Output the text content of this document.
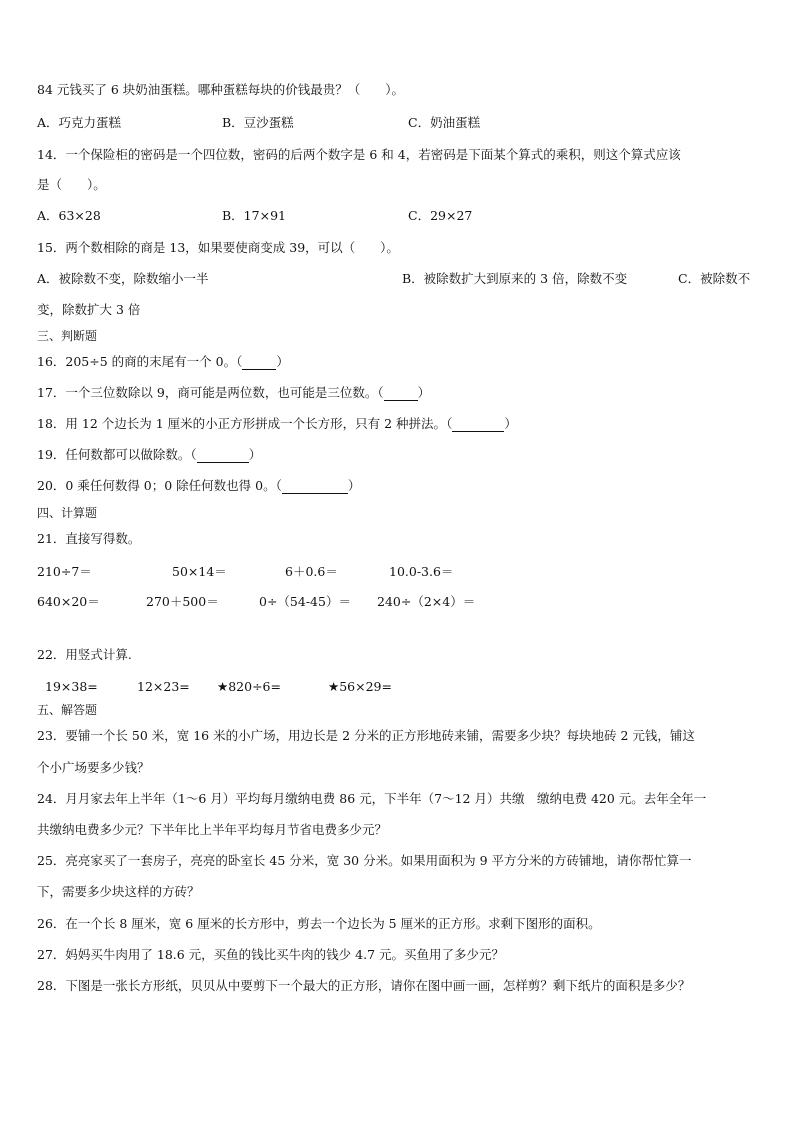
84 元钱买了 6 块奶油蛋糕。哪种蛋糕每块的价钱最贵？（　　）。
A．巧克力蛋糕	B．豆沙蛋糕	C．奶油蛋糕
14．一个保险柜的密码是一个四位数，密码的后两个数字是 6 和 4，若密码是下面某个算式的乘积，则这个算式应该
是（　　）。
A．63×28	B．17×91	C．29×27
15．两个数相除的商是 13，如果要使商变成 39，可以（　　）。
A．被除数不变，除数缩小一半	B．被除数扩大到原来的 3 倍，除数不变	C．被除数不
变，除数扩大 3 倍
三、判断题
16．205÷5 的商的末尾有一个 0。（	）
17．一个三位数除以 9，商可能是两位数，也可能是三位数。（	）
18．用 12 个边长为 1 厘米的小正方形拼成一个长方形，只有 2 种拼法。（	）
19．任何数都可以做除数。（	）
20．0 乘任何数得 0；0 除任何数也得 0。（	）
四、计算题
21．直接写得数。
210÷7＝	50×14＝	6＋0.6＝	10.0-3.6＝
640×20＝	270＋500＝	0÷（54-45）＝ 240÷（2×4）＝
22．用竖式计算.
19×38=	12×23= ★820÷6=	★56×29=
五、解答题
23．要铺一个长 50 米，宽 16 米的小广场，用边长是 2 分米的正方形地砖来铺，需要多少块？每块地砖 2 元钱，铺这
个小广场要多少钱？
24．月月家去年上半年（1～6 月）平均每月缴纳电费 86 元，下半年（7～12 月）共缴　缴纳电费 420 元。去年全年一
共缴纳电费多少元？下半年比上半年平均每月节省电费多少元？
25．亮亮家买了一套房子，亮亮的卧室长 45 分米，宽 30 分米。如果用面积为 9 平方分米的方砖铺地，请你帮忙算一
下，需要多少块这样的方砖？
26．在一个长 8 厘米，宽 6 厘米的长方形中，剪去一个边长为 5 厘米的正方形。求剩下图形的面积。
27．妈妈买牛肉用了 18.6 元，买鱼的钱比买牛肉的钱少 4.7 元。买鱼用了多少元？
28．下图是一张长方形纸，贝贝从中要剪下一个最大的正方形，请你在图中画一画，怎样剪？剩下纸片的面积是多少？
